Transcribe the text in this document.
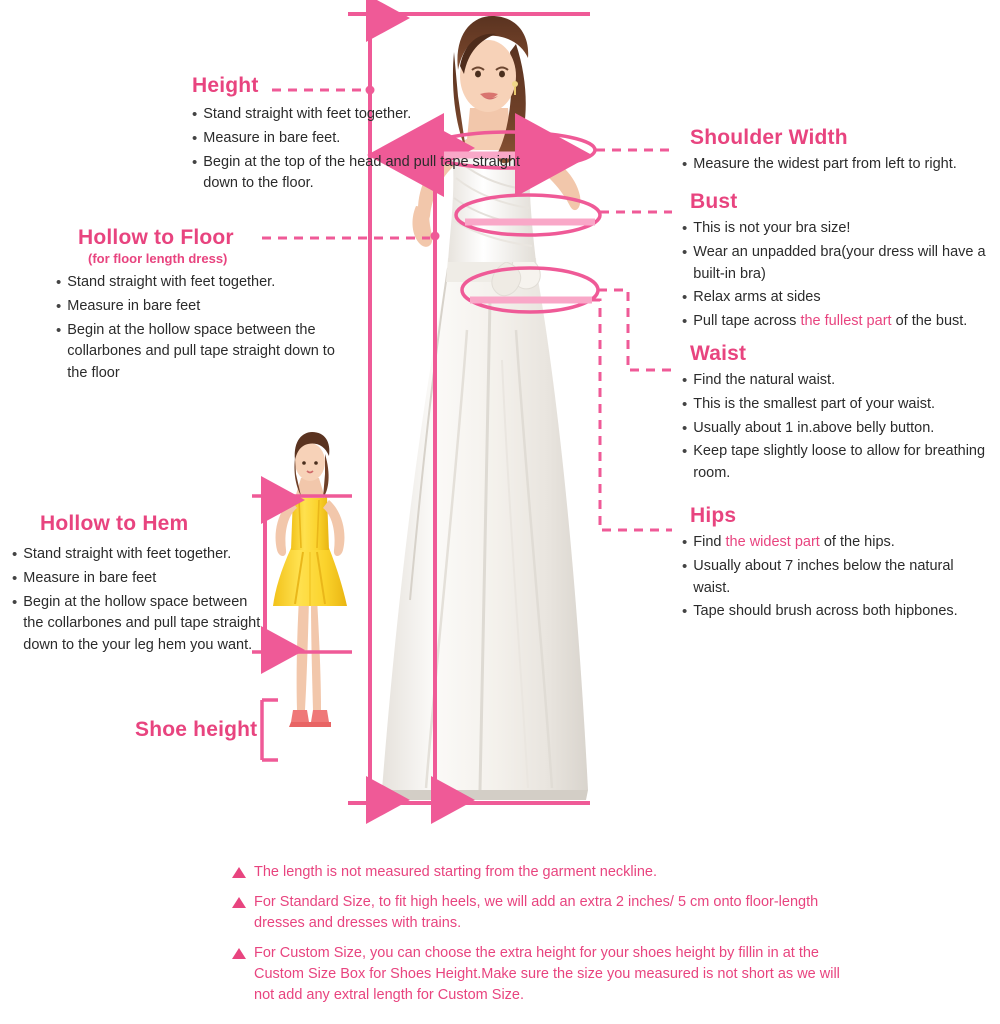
Height
• Stand straight with feet together.
• Measure in bare feet.
• Begin at the top of the head and pull tape straight down to the floor.
Hollow to Floor
(for floor length dress)
• Stand straight with feet together.
• Measure in bare feet
• Begin at the hollow space between the collarbones and pull tape straight down to the floor
Hollow to Hem
• Stand straight with feet together.
• Measure in bare feet
• Begin at the hollow space between the collarbones and pull tape straight down to the your leg hem you want.
Shoe height
Shoulder Width
• Measure the widest part from left to right.
Bust
• This is not your bra size!
• Wear an unpadded bra(your dress will have a built-in bra)
• Relax arms at sides
• Pull tape across the fullest part of the bust.
Waist
• Find the natural waist.
• This is the smallest part of your waist.
• Usually about 1 in.above belly button.
• Keep tape slightly loose to allow for breathing room.
Hips
• Find the widest part of the hips.
• Usually about 7 inches below the natural waist.
• Tape should brush across both hipbones.
The length is not measured starting from the garment neckline.
For Standard Size, to fit high heels, we will add an extra 2 inches/ 5 cm onto floor-length dresses and dresses with trains.
For Custom Size, you can choose the extra height for your shoes height by fillin in at the Custom Size Box for Shoes Height.Make sure the size you measured is not short as we will not add any extral length for Custom Size.
